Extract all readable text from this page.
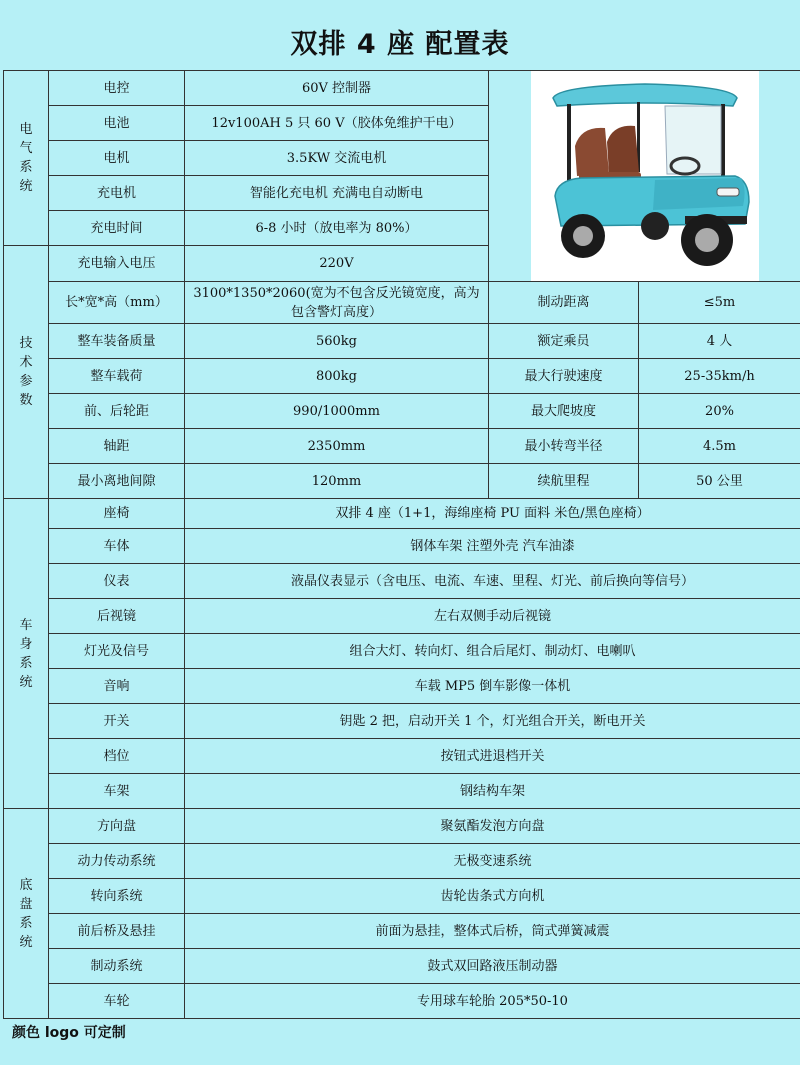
双排 4 座 配置表
电
气
系
统	电控	60V 控制器	

	电池	12v100AH 5 只 60 V（胶体免维护干电）		
	电机	3.5KW 交流电机		
	充电机	智能化充电机 充满电自动断电		
	充电时间	6-8 小时（放电率为 80%）		
技
术
参
数	充电输入电压	220V		
	长*宽*高（mm）	3100*1350*2060(宽为不包含反光镜宽度，高为包含警灯高度）	制动距离	≤5m
	整车装备质量	560kg	额定乘员	4 人
	整车载荷	800kg	最大行驶速度	25-35km/h
	前、后轮距	990/1000mm	最大爬坡度	20%
	轴距	2350mm	最小转弯半径	4.5m
	最小离地间隙	120mm	续航里程	50 公里
车
身
系
统	座椅	双排 4 座（1+1，海绵座椅 PU 面料 米色/黑色座椅）		
	车体	钢体车架 注塑外壳 汽车油漆		
	仪表	液晶仪表显示（含电压、电流、车速、里程、灯光、前后换向等信号）		
	后视镜	左右双侧手动后视镜		
	灯光及信号	组合大灯、转向灯、组合后尾灯、制动灯、电喇叭		
	音响	车载 MP5 倒车影像一体机		
	开关	钥匙 2 把，启动开关 1 个，灯光组合开关，断电开关		
	档位	按钮式进退档开关		
	车架	钢结构车架		
底
盘
系
统	方向盘	聚氨酯发泡方向盘		
	动力传动系统	无极变速系统		
	转向系统	齿轮齿条式方向机		
	前后桥及悬挂	前面为悬挂，整体式后桥，筒式弹簧减震		
	制动系统	鼓式双回路液压制动器		
	车轮	专用球车轮胎 205*50-10		
颜色 logo 可定制
